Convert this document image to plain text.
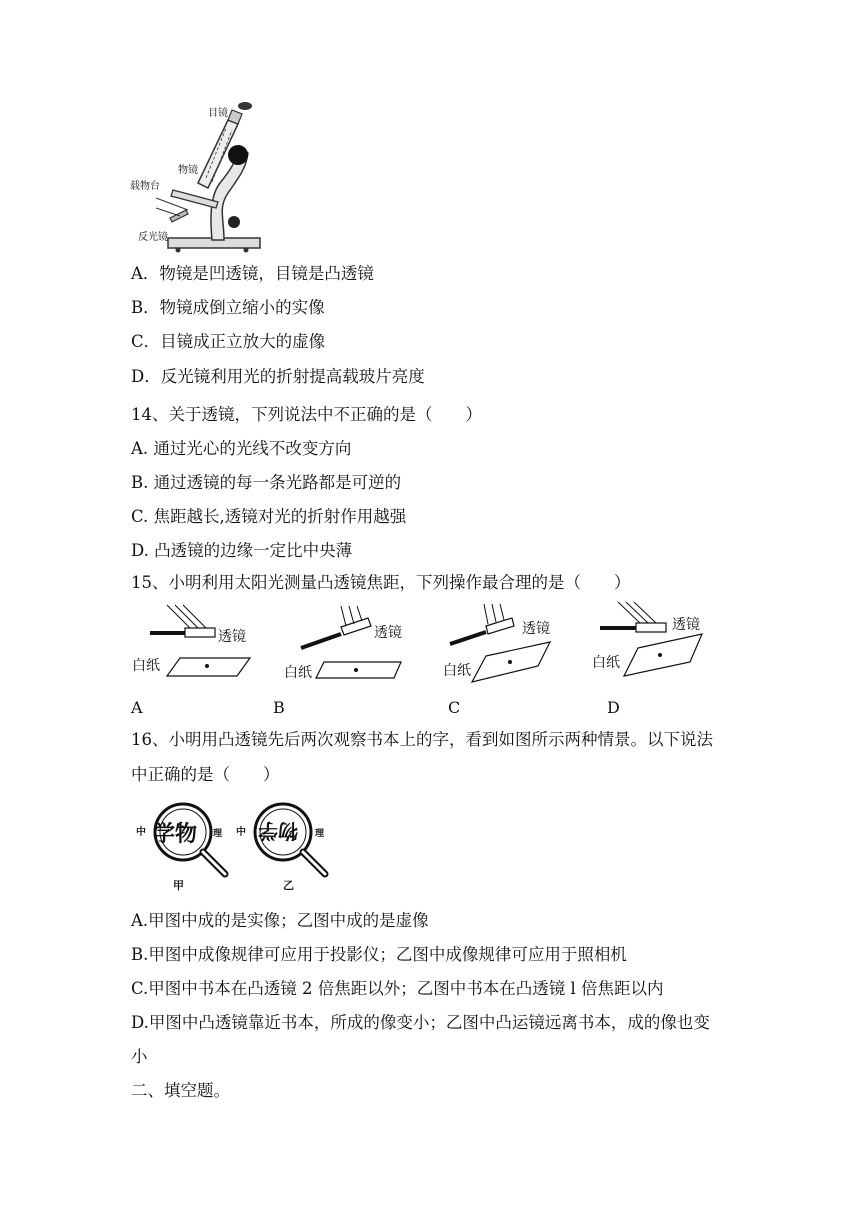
目镜
物镜
载物台
反光镜
A．物镜是凹透镜，目镜是凸透镜
B．物镜成倒立缩小的实像
C．目镜成正立放大的虚像
D．反光镜利用光的折射提高载玻片亮度
14、关于透镜，下列说法中不正确的是（　　）
A. 通过光心的光线不改变方向
B. 通过透镜的每一条光路都是可逆的
C. 焦距越长,透镜对光的折射作用越强
D. 凸透镜的边缘一定比中央薄
15、小明利用太阳光测量凸透镜焦距，下列操作最合理的是（　　）
透镜
白纸
透镜
白纸
透镜
白纸
透镜
白纸
A	B	C	D
16、小明用凸透镜先后两次观察书本上的字，看到如图所示两种情景。以下说法
中正确的是（　　）
中 学物 理 中 物学 理
甲	乙
A.甲图中成的是实像；乙图中成的是虚像
B.甲图中成像规律可应用于投影仪；乙图中成像规律可应用于照相机
C.甲图中书本在凸透镜 2 倍焦距以外；乙图中书本在凸透镜 l 倍焦距以内
D.甲图中凸透镜靠近书本，所成的像变小；乙图中凸运镜远离书本，成的像也变
小
二、填空题。
